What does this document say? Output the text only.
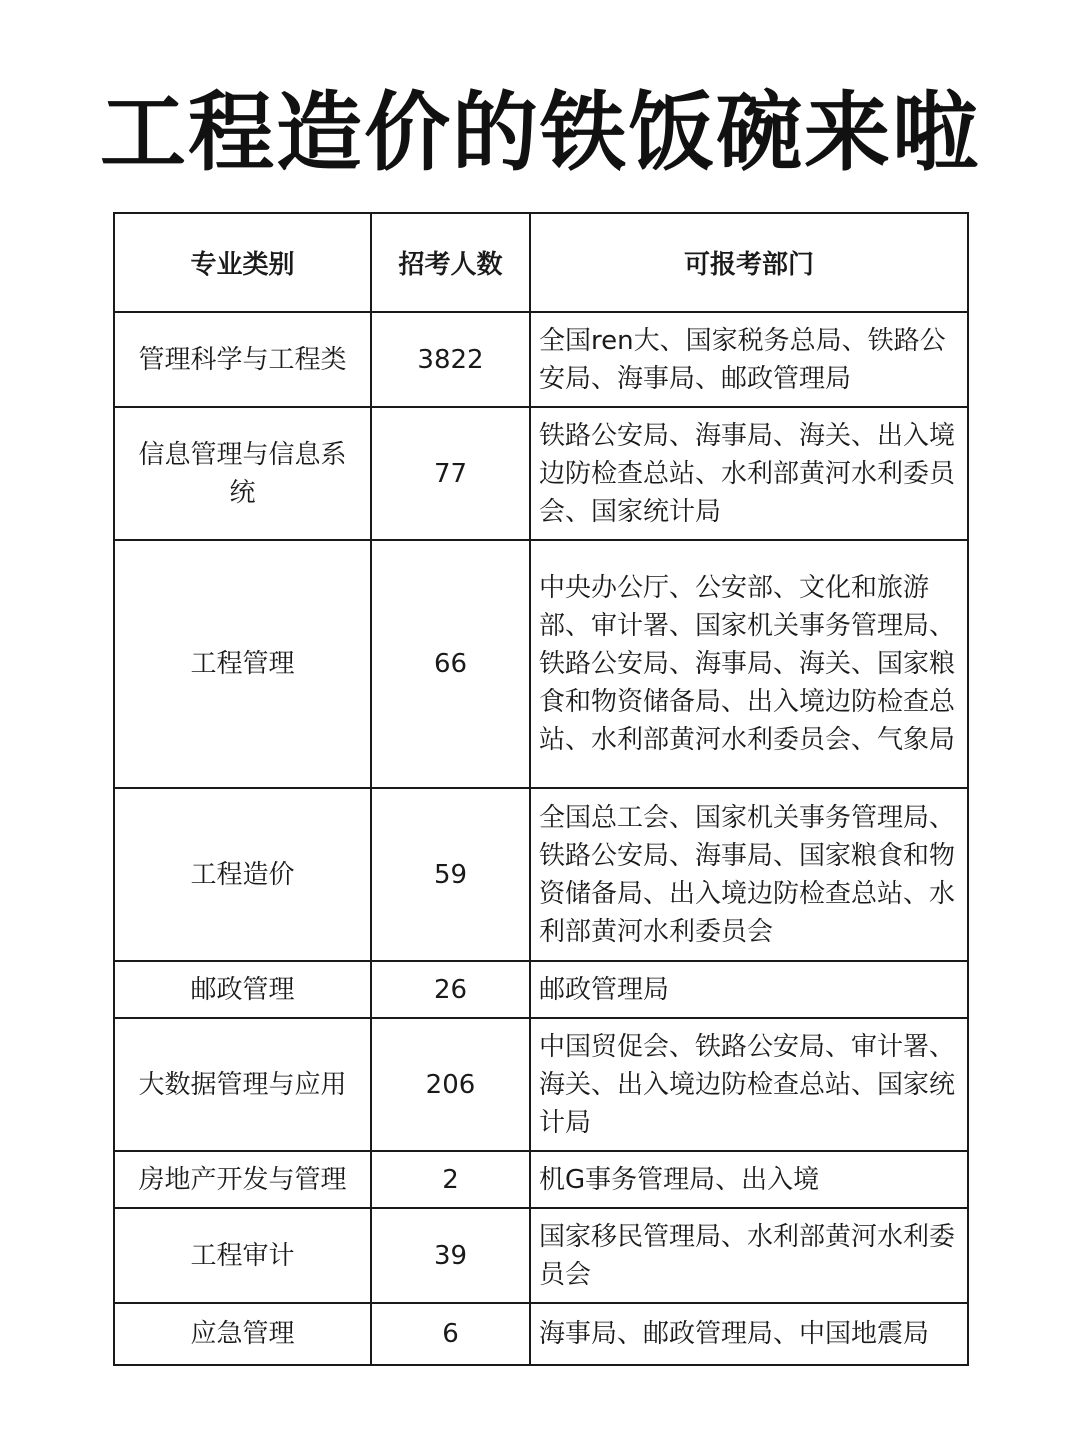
工程造价的铁饭碗来啦
专业类别	招考人数	可报考部门
管理科学与工程类	3822	全国ren大、国家税务总局、铁路公安局、海事局、邮政管理局
信息管理与信息系统	77	铁路公安局、海事局、海关、出入境边防检查总站、水利部黄河水利委员会、国家统计局
工程管理	66	中央办公厅、公安部、文化和旅游部、审计署、国家机关事务管理局、铁路公安局、海事局、海关、国家粮食和物资储备局、出入境边防检查总站、水利部黄河水利委员会、气象局
工程造价	59	全国总工会、国家机关事务管理局、铁路公安局、海事局、国家粮食和物资储备局、出入境边防检查总站、水利部黄河水利委员会
邮政管理	26	邮政管理局
大数据管理与应用	206	中国贸促会、铁路公安局、审计署、海关、出入境边防检查总站、国家统计局
房地产开发与管理	2	机G事务管理局、出入境
工程审计	39	国家移民管理局、水利部黄河水利委员会
应急管理	6	海事局、邮政管理局、中国地震局
